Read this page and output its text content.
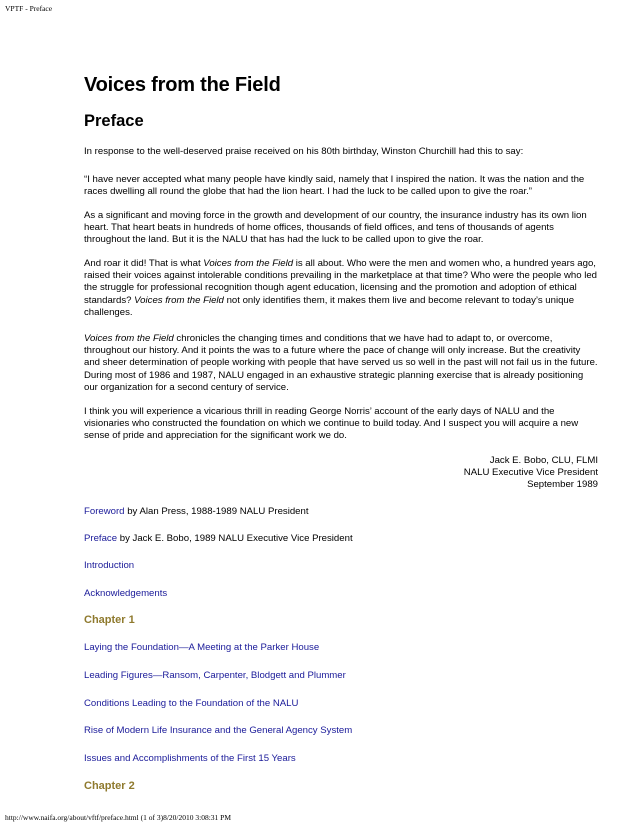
VPTF - Preface
Voices from the Field
Preface

In response to the well-deserved praise received on his 80th birthday, Winston Churchill had this to say:

“I have never accepted what many people have kindly said, namely that I inspired the nation. It was the nation and the races dwelling all round the globe that had the lion heart. I had the luck to be called upon to give the roar.”

As a significant and moving force in the growth and development of our country, the insurance industry has its own lion heart. That heart beats in hundreds of home offices, thousands of field offices, and tens of thousands of agents throughout the land. But it is the NALU that has had the luck to be called upon to give the roar.

And roar it did! That is what Voices from the Field is all about. Who were the men and women who, a hundred years ago, raised their voices against intolerable conditions prevailing in the marketplace at that time? Who were the people who led the struggle for professional recognition though agent education, licensing and the promotion and adoption of ethical standards? Voices from the Field not only identifies them, it makes them live and become relevant to today’s unique challenges.

Voices from the Field chronicles the changing times and conditions that we have had to adapt to, or overcome, throughout our history. And it points the was to a future where the pace of change will only increase. But the creativity and sheer determination of people working with people that have served us so well in the past will not fail us in the future. During most of 1986 and 1987, NALU engaged in an exhaustive strategic planning exercise that is already positioning our organization for a second century of service.

I think you will experience a vicarious thrill in reading George Norris’ account of the early days of NALU and the visionaries who constructed the foundation on which we continue to build today. And I suspect you will acquire a new sense of pride and appreciation for the significant work we do.

Jack E. Bobo, CLU, FLMI
NALU Executive Vice President
September 1989
Foreword by Alan Press, 1988-1989 NALU President
Preface by Jack E. Bobo, 1989 NALU Executive Vice President
Introduction
Acknowledgements
Chapter 1
Laying the Foundation—A Meeting at the Parker House
Leading Figures—Ransom, Carpenter, Blodgett and Plummer
Conditions Leading to the Foundation of the NALU
Rise of Modern Life Insurance and the General Agency System
Issues and Accomplishments of the First 15 Years
Chapter 2
http://www.naifa.org/about/vftf/preface.html (1 of 3)8/20/2010 3:08:31 PM
